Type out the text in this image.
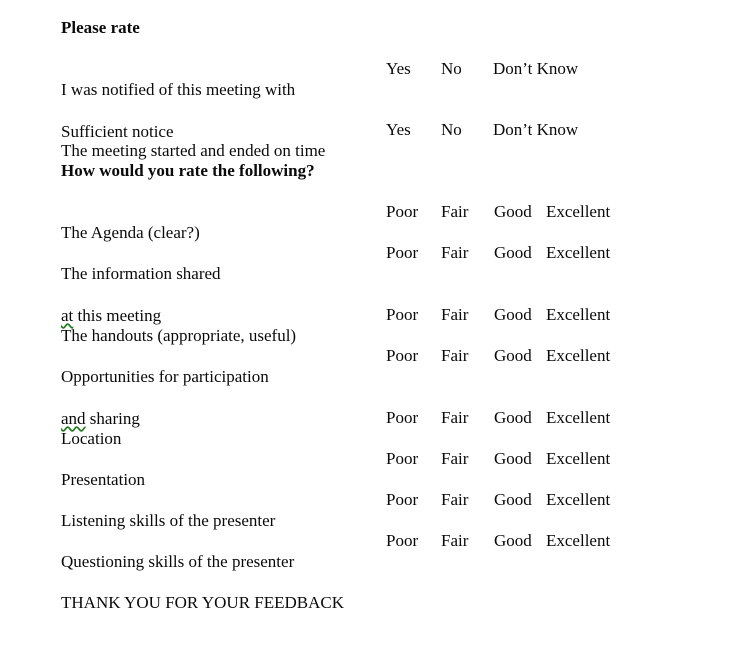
Please rate

I was notified of this meeting with

Sufficient notice

Yes No Don’t Know

The meeting started and ended on time

Yes No Don’t Know
How would you rate the following?

The Agenda (clear?)

Poor Fair Good Excellent

The information shared

at this meeting

Poor Fair Good Excellent

The handouts (appropriate, useful)

Poor Fair Good Excellent

Opportunities for participation

and sharing

Poor Fair Good Excellent

Location

Poor Fair Good Excellent

Presentation

Poor Fair Good Excellent

Listening skills of the presenter

Poor Fair Good Excellent

Questioning skills of the presenter

Poor Fair Good Excellent
THANK YOU FOR YOUR FEEDBACK
